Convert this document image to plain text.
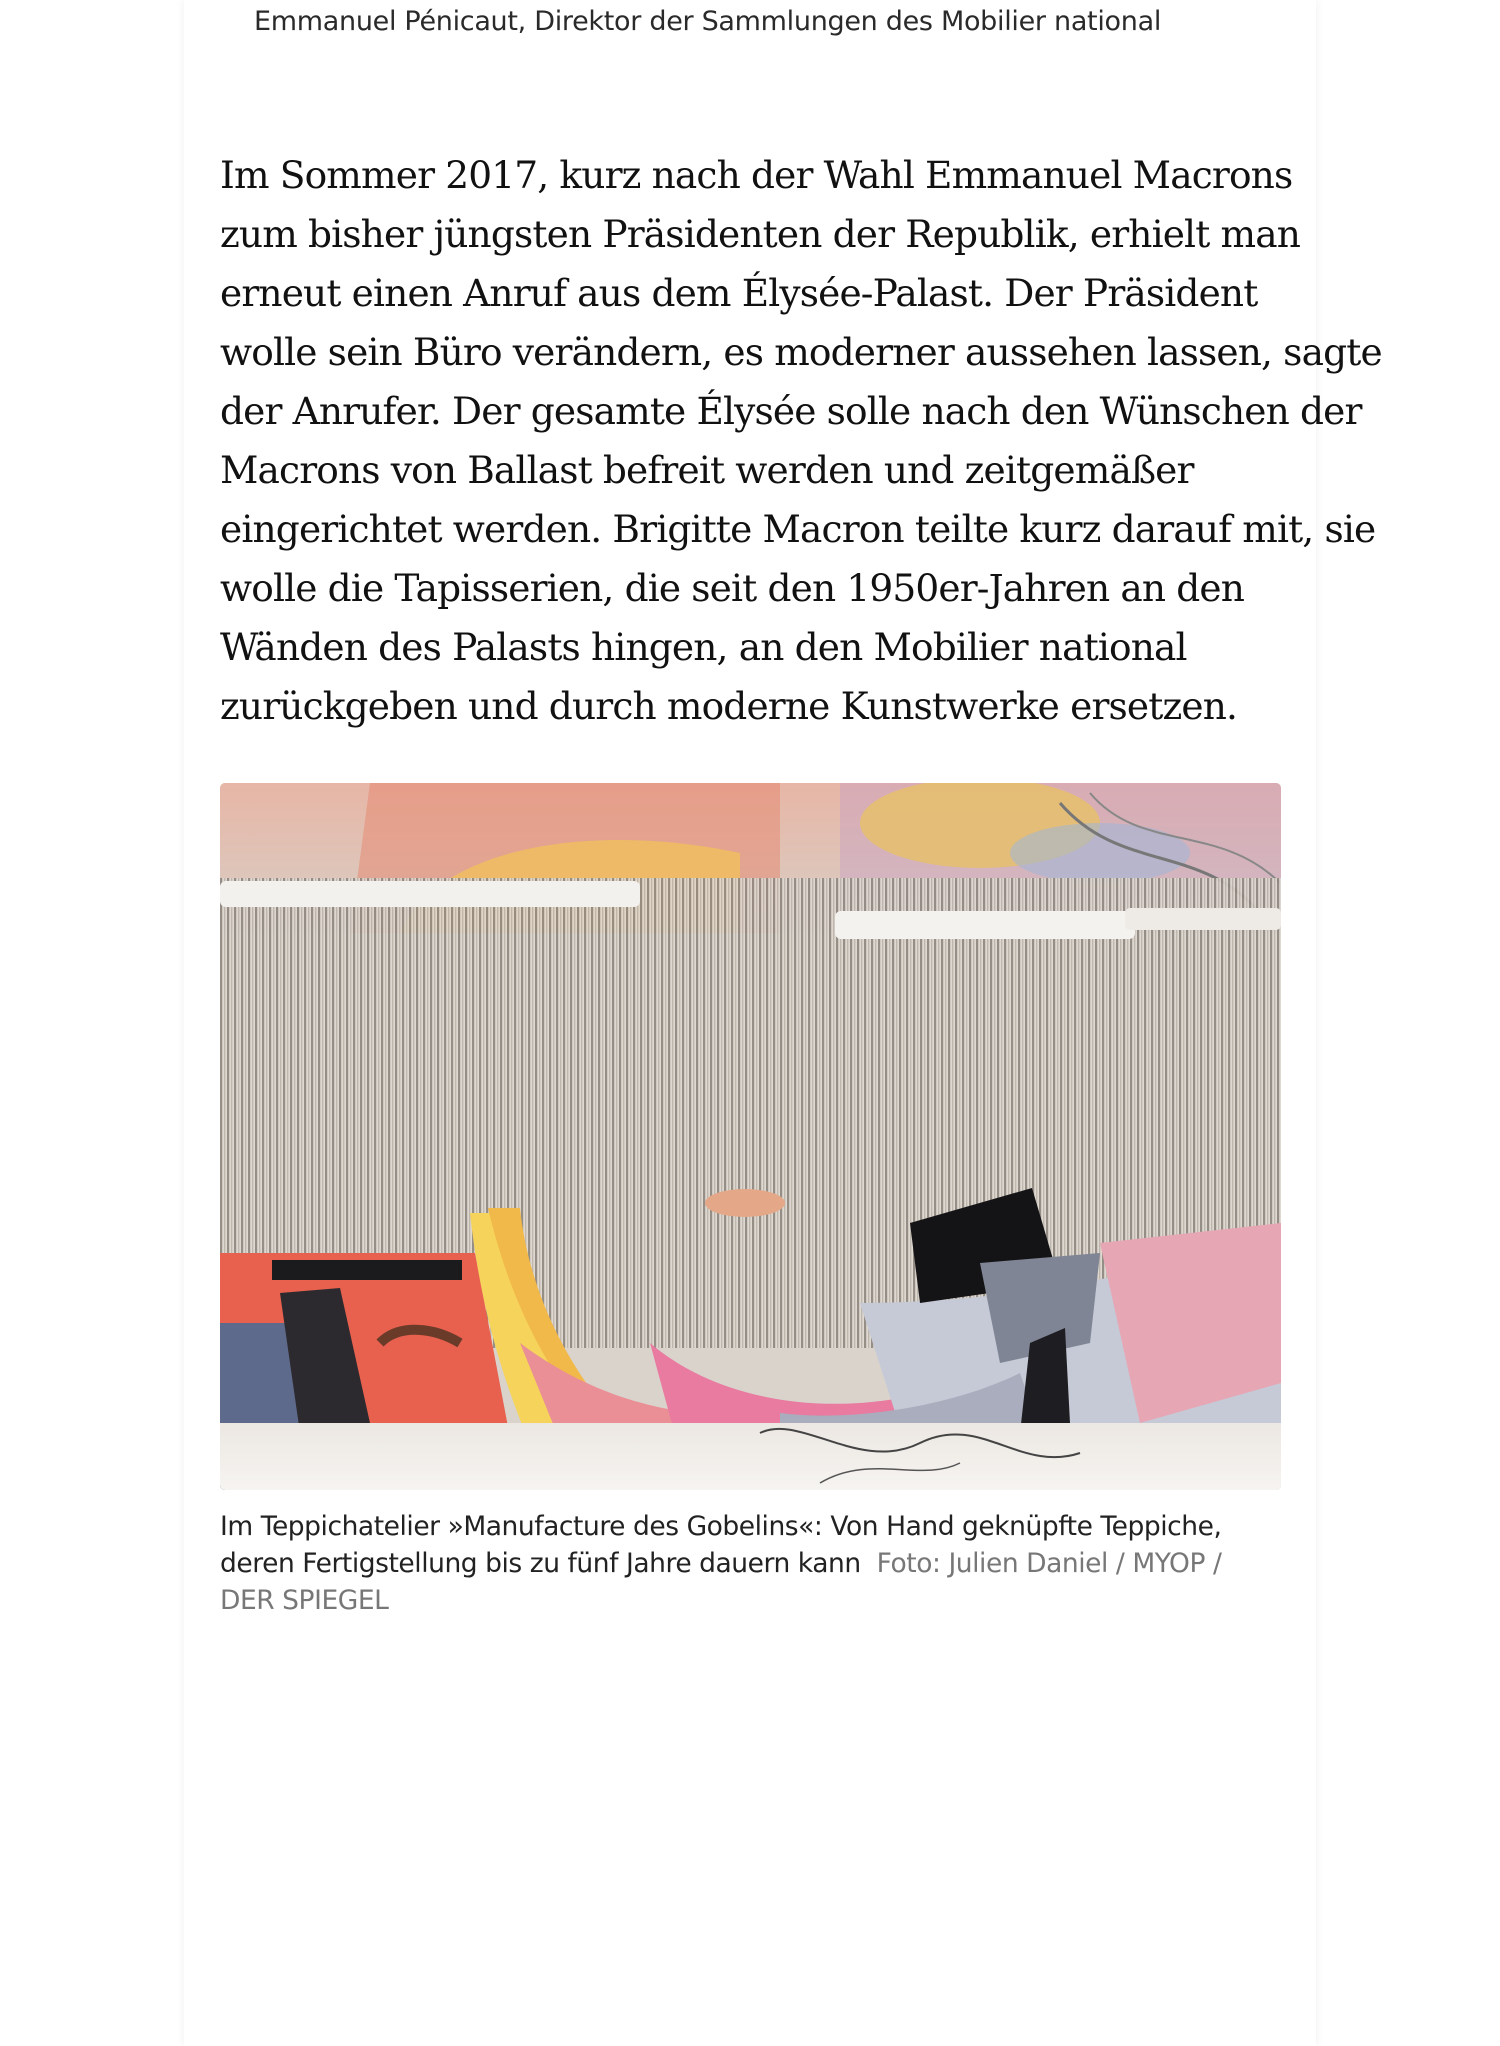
Emmanuel Pénicaut, Direktor der Sammlungen des Mobilier national

Im Sommer 2017, kurz nach der Wahl Emmanuel Macrons
zum bisher jüngsten Präsidenten der Republik, erhielt man
erneut einen Anruf aus dem Élysée-Palast. Der Präsident
wolle sein Büro verändern, es moderner aussehen lassen, sagte
der Anrufer. Der gesamte Élysée solle nach den Wünschen der
Macrons von Ballast befreit werden und zeitgemäßer
eingerichtet werden. Brigitte Macron teilte kurz darauf mit, sie
wolle die Tapisserien, die seit den 1950er-Jahren an den
Wänden des Palasts hingen, an den Mobilier national
zurückgeben und durch moderne Kunstwerke ersetzen.

Im Teppichatelier »Manufacture des Gobelins«: Von Hand geknüpfte Teppiche,
deren Fertigstellung bis zu fünf Jahre dauern kann Foto: Julien Daniel / MYOP /
DER SPIEGEL
